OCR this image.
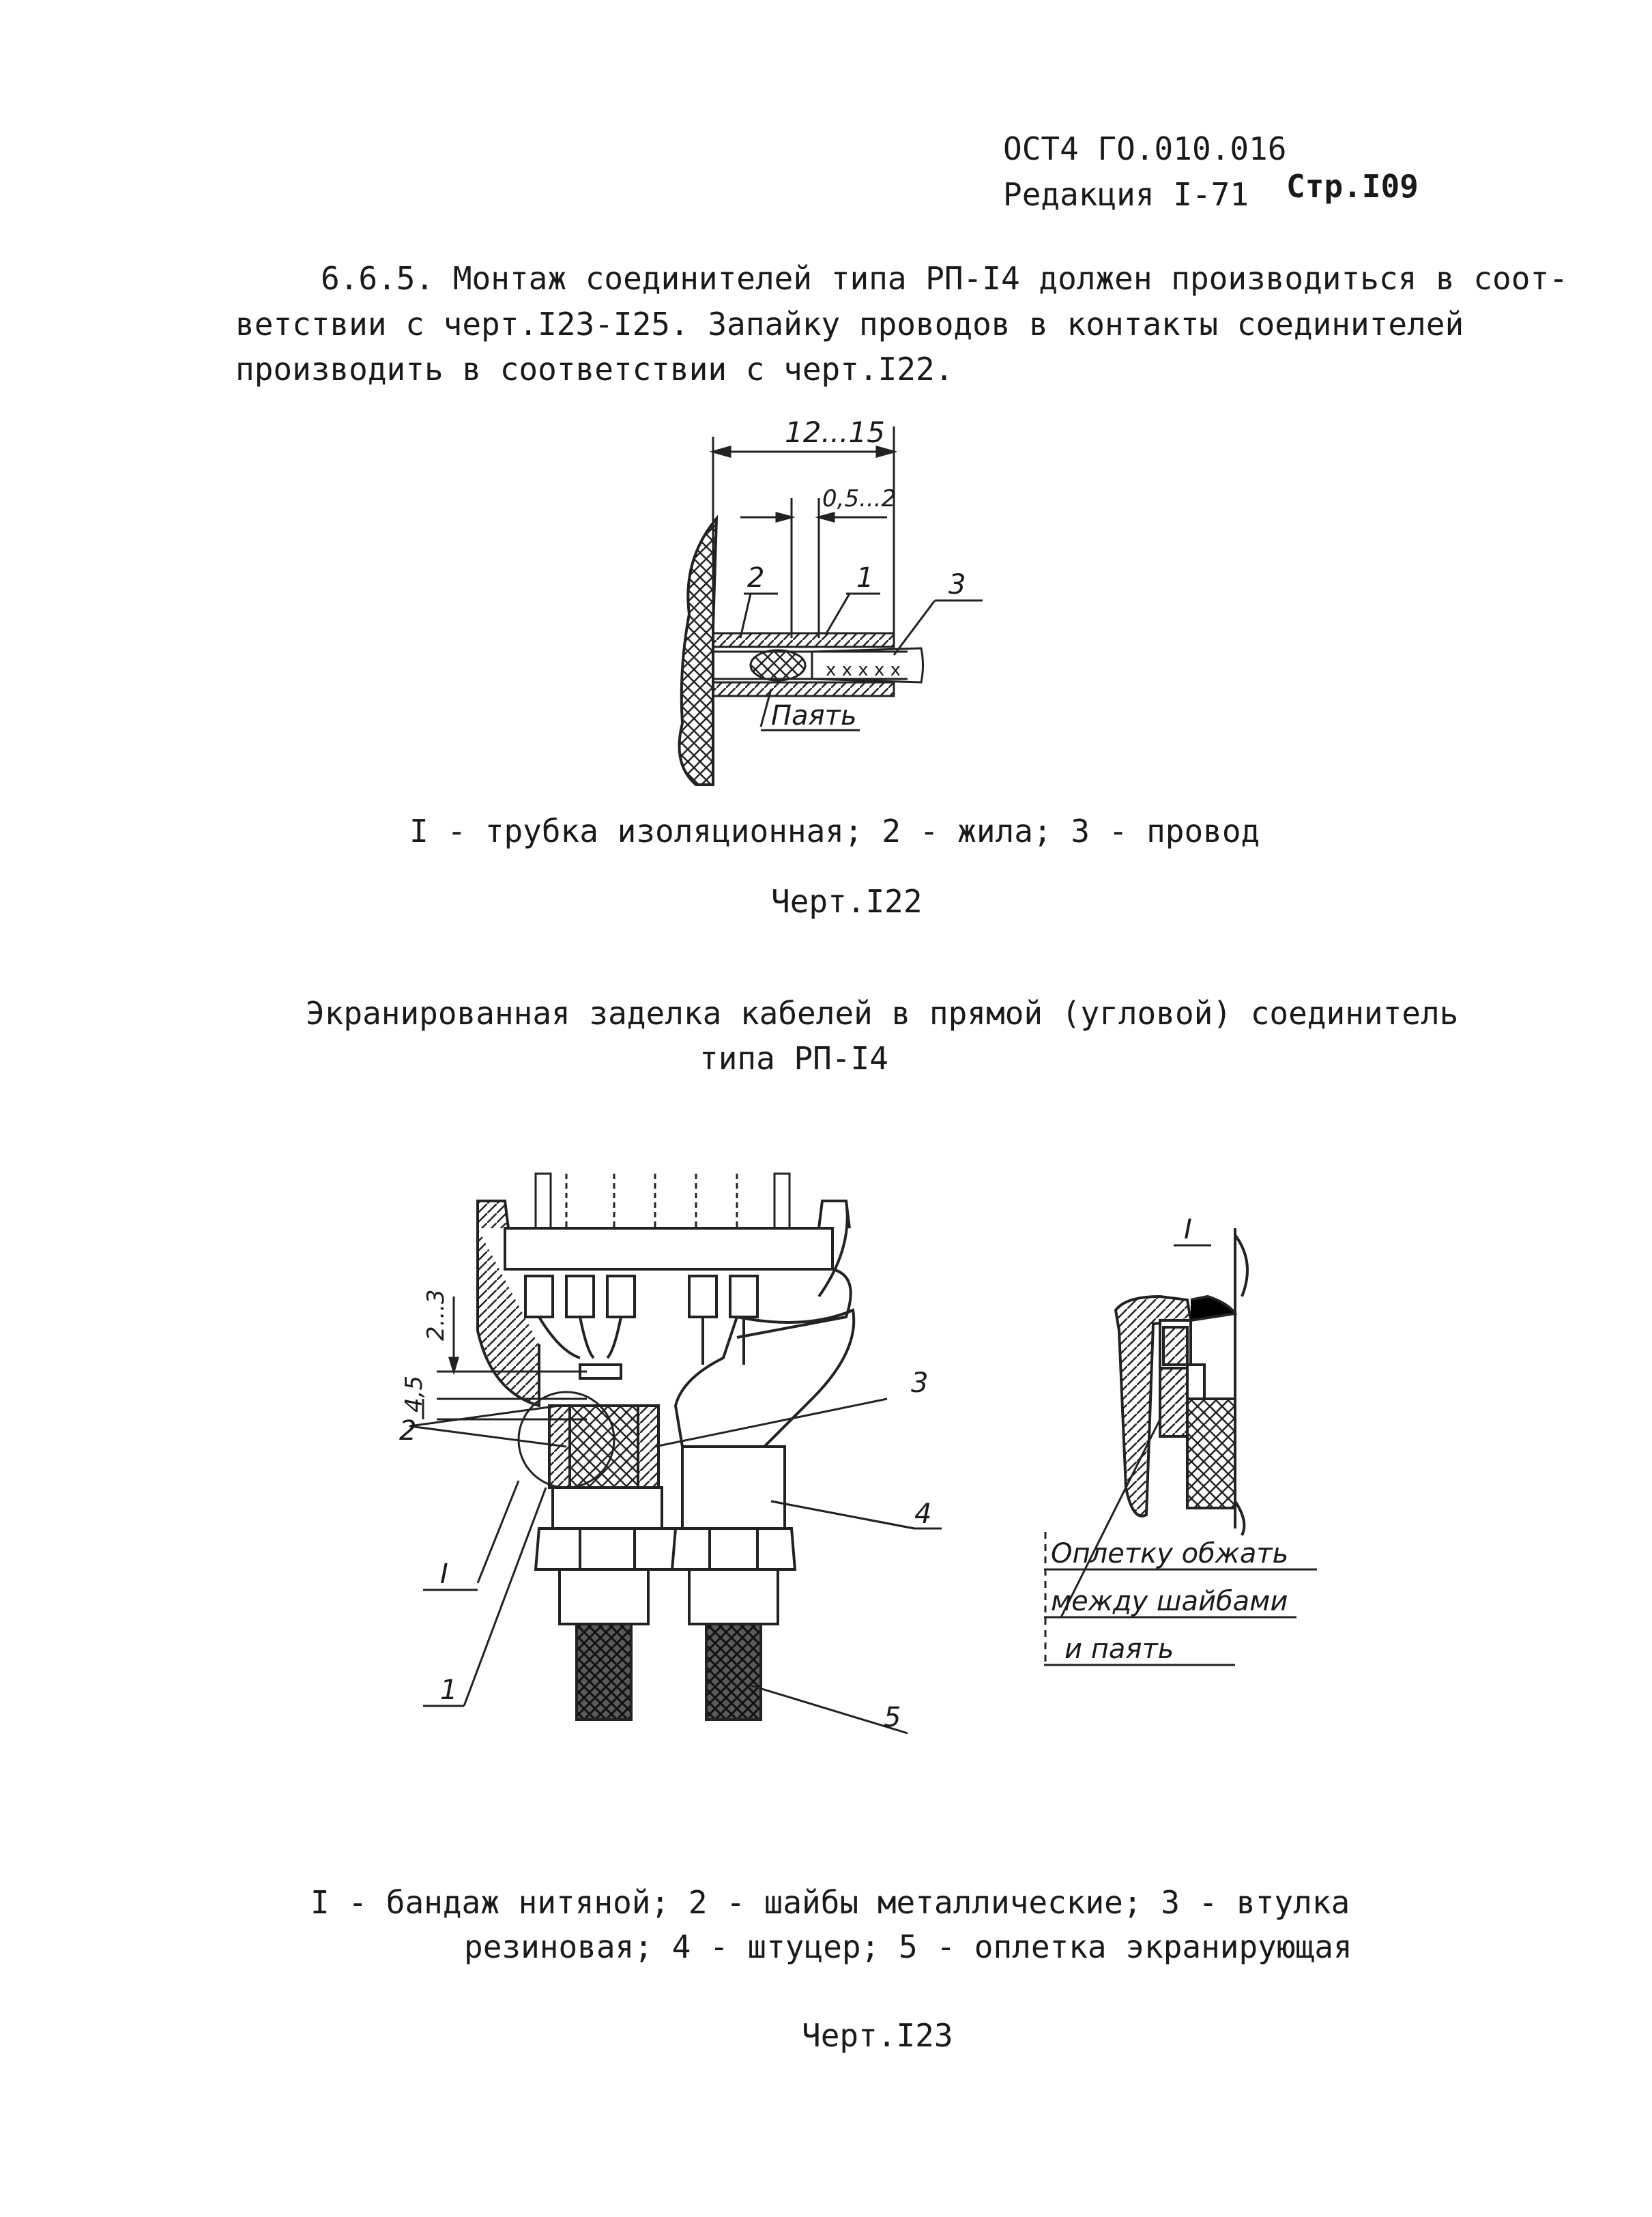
ОСТ4 ГО.010.016
Редакция I-71 Стр.I09
6.6.5. Монтаж соединителей типа РП-I4 должен производиться в соот-
ветствии с черт.I23-I25. Запайку проводов в контакты соединителей
производить в соответствии с черт.I22.
12...15
0,5...2
x x x x x
2	1	3
Паять
I - трубка изоляционная; 2 - жила; 3 - провод
Черт.I22
Экранированная заделка кабелей в прямой (угловой) соединитель
типа РП-I4
2...3
4,5
2
3
4
I
1
5
I
Оплетку обжать
между шайбами
и паять
I - бандаж нитяной; 2 - шайбы металлические; 3 - втулка
резиновая; 4 - штуцер; 5 - оплетка экранирующая
Черт.I23
